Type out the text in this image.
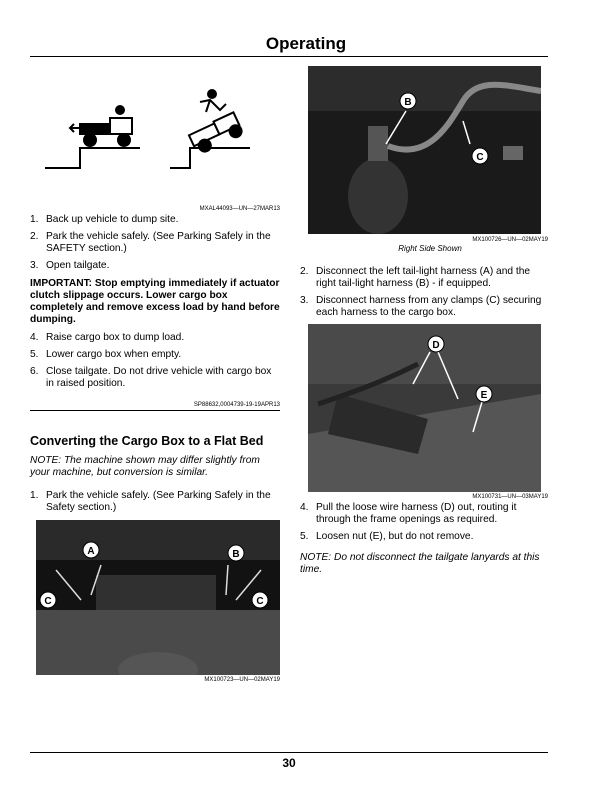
Operating
MXAL44093—UN—27MAR13
1. Back up vehicle to dump site.
2. Park the vehicle safely. (See Parking Safely in the SAFETY section.)
3. Open tailgate.
IMPORTANT: Stop emptying immediately if actuator clutch slippage occurs. Lower cargo box completely and remove excess load by hand before dumping.
4. Raise cargo box to dump load.
5. Lower cargo box when empty.
6. Close tailgate. Do not drive vehicle with cargo box in raised position.
SP88632,0004739-19-19APR13
Converting the Cargo Box to a Flat Bed
NOTE: The machine shown may differ slightly from your machine, but conversion is similar.
1. Park the vehicle safely. (See Parking Safely in the Safety section.)
A	B
C	C
MX100723—UN—02MAY19
B
C
MX100726—UN—02MAY19
Right Side Shown
2. Disconnect the left tail-light harness (A) and the right tail-light harness (B) - if equipped.
3. Disconnect harness from any clamps (C) securing each harness to the cargo box.
D
E
MX100731—UN—03MAY19
4. Pull the loose wire harness (D) out, routing it through the frame openings as required.
5. Loosen nut (E), but do not remove.
NOTE: Do not disconnect the tailgate lanyards at this time.
30
